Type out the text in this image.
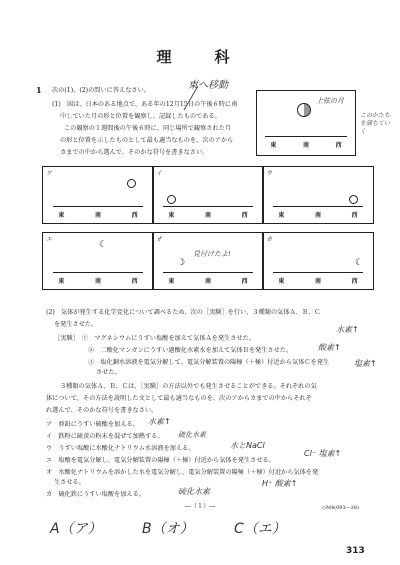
理　科
1 次の(1)、(2)の問いに答えなさい。
(1)　図は、日本のある地点で、ある年の12月15日の午後６時に南
中していた月の形と位置を観察し、記録したものである。
この観察の１週間後の午後６時に、同じ場所で観察された月
の形と位置を示したものとして最も適当なものを、次のアから
カまでの中から選んで、そのかな符号を書きなさい。
東へ移動
東	南	西
上弦の月
このかたちを満ちていく
ア
東	南	西
イ
東	南	西
ウ
東	南	西
エ
☾
東	南	西
オ
☽
見付けたよ!
東	南	西
カ
☾
東	南	西
(2)　気体が発生する化学変化について調べるため、次の［実験］を行い、３種類の気体Ａ、Ｂ、Ｃ
を発生させた。
［実験］　①　マグネシウムにうすい塩酸を加えて気体Ａを発生させた。
②　二酸化マンガンにうすい過酸化水素水を加えて気体Ｂを発生させた。
③　塩化銅水溶液を電気分解して、電気分解装置の陽極（＋極）付近から気体Ｃを発生
させた。
水素↑
酸素↑
塩素↑
３種類の気体Ａ、Ｂ、Ｃは、［実験］の方法以外でも発生させることができる。それぞれの気
体について、その方法を説明した文として最も適当なものを、次のアからカまでの中からそれぞ
れ選んで、そのかな符号を書きなさい。
ア　亜鉛にうすい硫酸を加える。 水素↑
イ　鉄粉に硫黄の粉末を混ぜて加熱する。 硫化水素
ウ　うすい塩酸に水酸化ナトリウム水溶液を加える。	水とNaCl
エ　塩酸を電気分解し、電気分解装置の陽極（＋極）付近から気体を発生させる。
Cl⁻ 塩素↑
オ　水酸化ナトリウムを溶かした水を電気分解し、電気分解装置の陽極（＋極）付近から気体を発
生させる。	H⁺ 酸素↑
カ　硫化鉄にうすい塩酸を加える。	硫化水素
―（１）―	◇M4(093―38)
A（ア）	B（オ）	C（エ）
313
